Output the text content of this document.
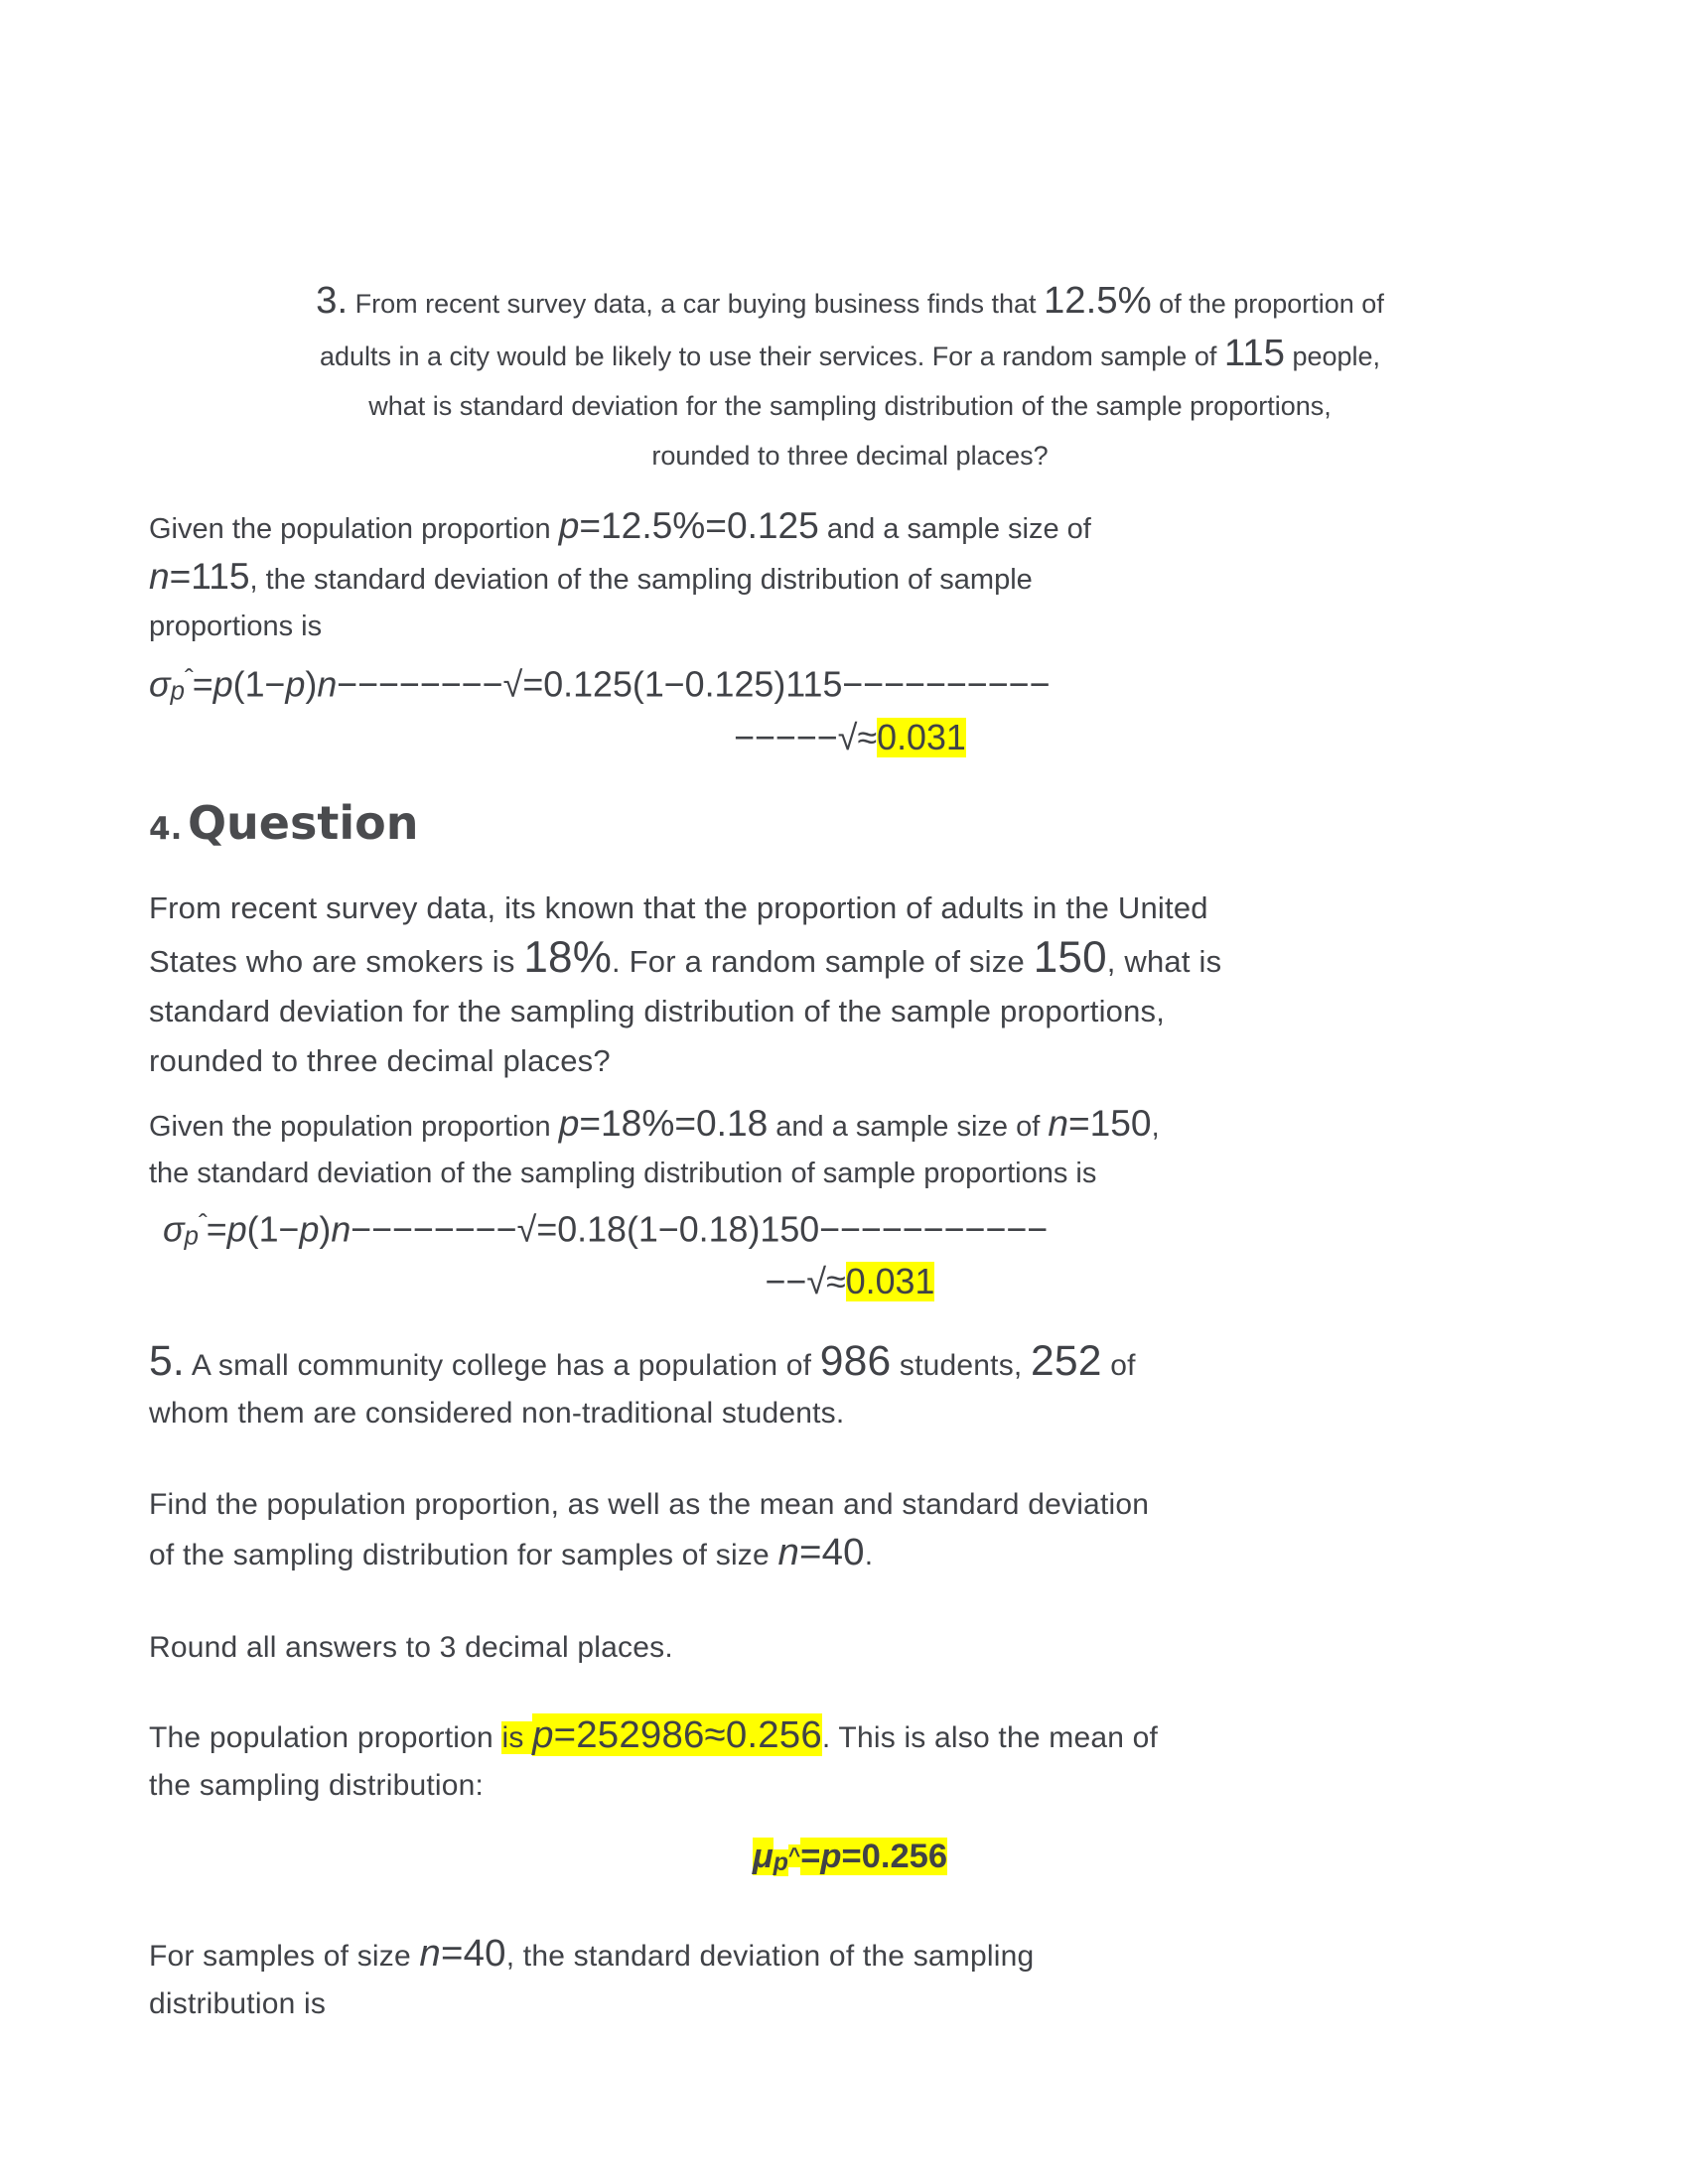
3. From recent survey data, a car buying business finds that 12.5% of the proportion of
adults in a city would be likely to use their services. For a random sample of 115 people,
what is standard deviation for the sampling distribution of the sample proportions,
rounded to three decimal places?
Given the population proportion p=12.5%=0.125 and a sample size of
n=115, the standard deviation of the sampling distribution of sample
proportions is
σpˆ=p(1−p)n−−−−−−−−√=0.125(1−0.125)115−−−−−−−−−−
−−−−−√≈0.031
4. Question
From recent survey data, its known that the proportion of adults in the United
States who are smokers is 18%. For a random sample of size 150, what is
standard deviation for the sampling distribution of the sample proportions,
rounded to three decimal places?
Given the population proportion p=18%=0.18 and a sample size of n=150,
the standard deviation of the sampling distribution of sample proportions is
σpˆ=p(1−p)n−−−−−−−−√=0.18(1−0.18)150−−−−−−−−−−−
−−√≈0.031
5. A small community college has a population of 986 students, 252 of
whom them are considered non-traditional students.
Find the population proportion, as well as the mean and standard deviation
of the sampling distribution for samples of size n=40.
Round all answers to 3 decimal places.
The population proportion is p=252986≈0.256. This is also the mean of
the sampling distribution:
μp^=p=0.256
For samples of size n=40, the standard deviation of the sampling
distribution is
